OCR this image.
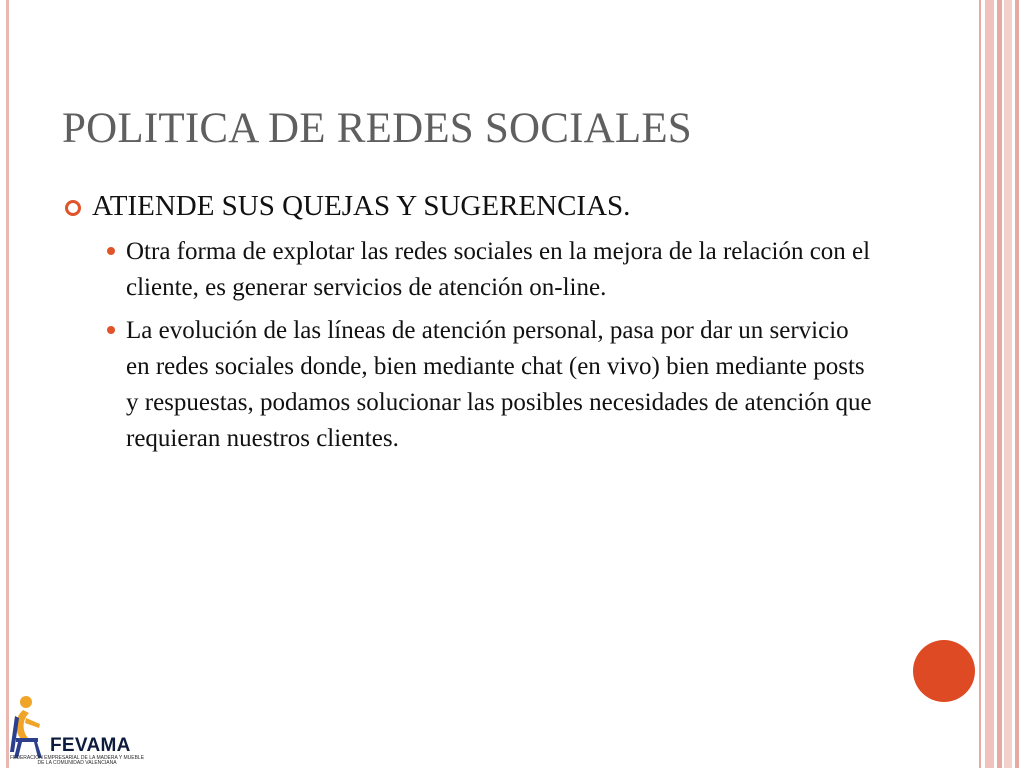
POLITICA DE REDES SOCIALES
ATIENDE SUS QUEJAS Y SUGERENCIAS.
Otra forma de explotar las redes sociales en la mejora de la relación con el cliente, es generar servicios de atención on-line.
La evolución de las líneas de atención personal, pasa por dar un servicio en redes sociales donde, bien mediante chat (en vivo) bien mediante posts y respuestas, podamos solucionar las posibles necesidades de atención que requieran nuestros clientes.
FEVAMA
FEDERACION EMPRESARIAL DE LA MADERA Y MUEBLE
DE LA COMUNIDAD VALENCIANA
